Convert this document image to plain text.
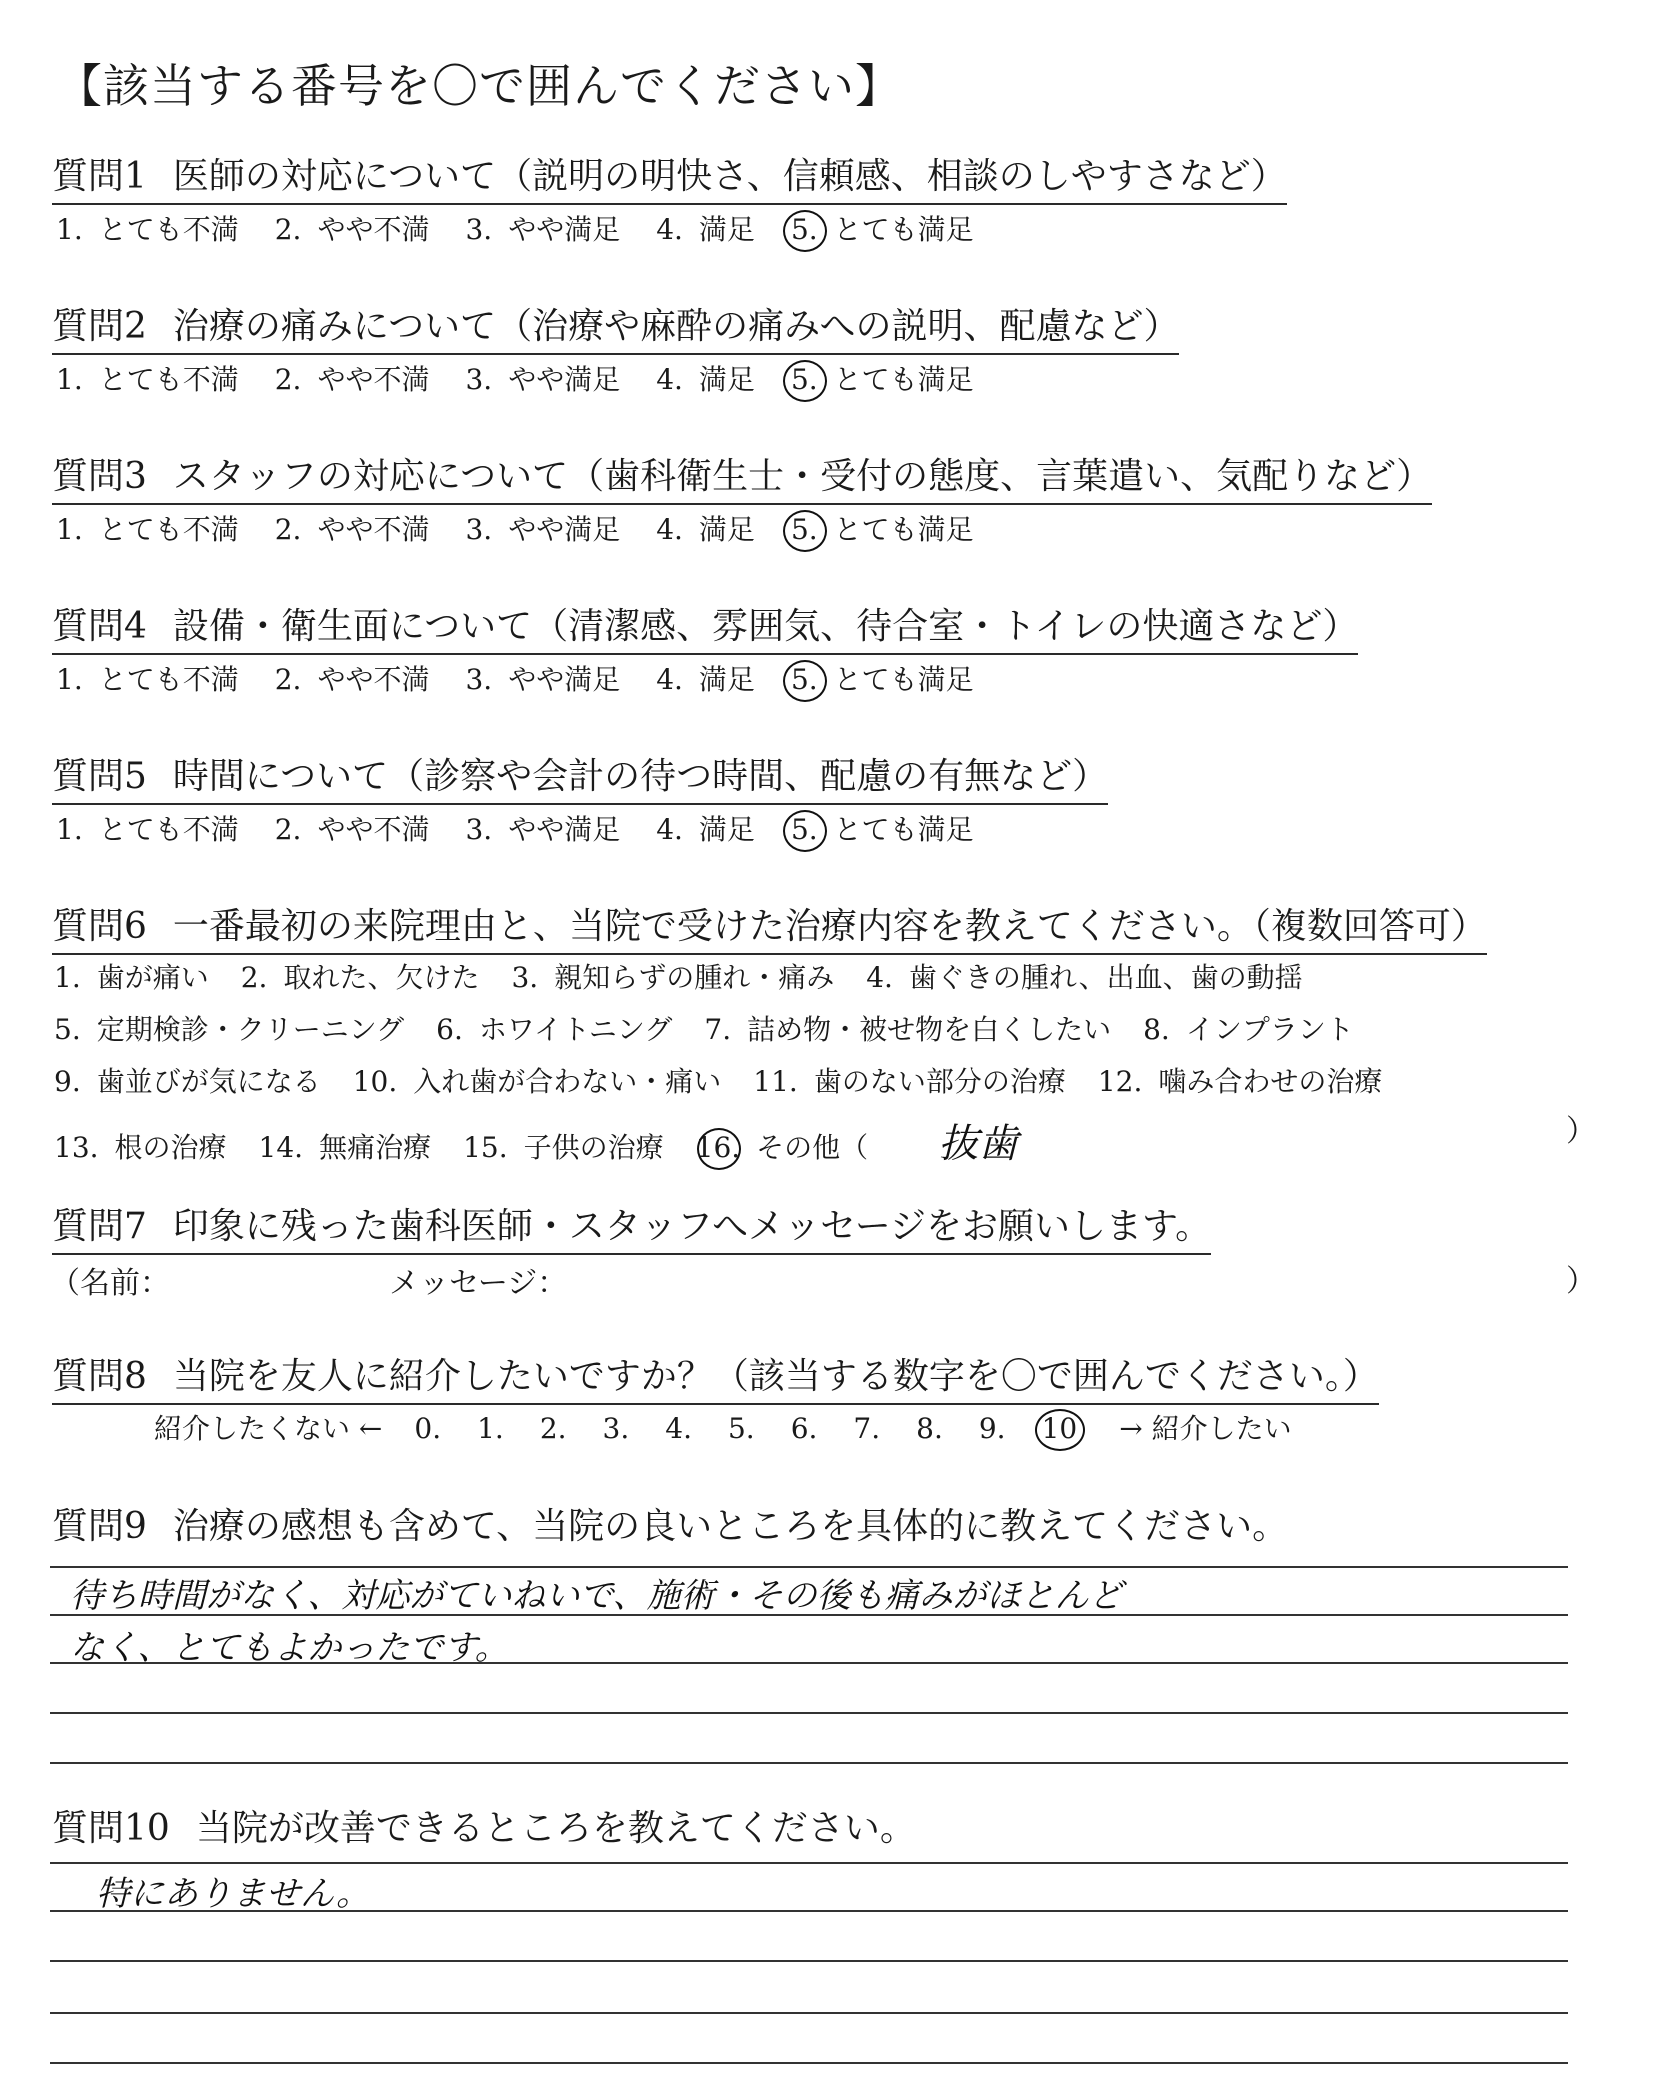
【該当する番号を〇で囲んでください】
質問1 医師の対応について（説明の明快さ、信頼感、相談のしやすさなど）
1. とても不満 2. やや不満 3. やや満足 4. 満足 5. とても満足
質問2 治療の痛みについて（治療や麻酔の痛みへの説明、配慮など）
1. とても不満 2. やや不満 3. やや満足 4. 満足 5. とても満足
質問3 スタッフの対応について（歯科衛生士・受付の態度、言葉遣い、気配りなど）
1. とても不満 2. やや不満 3. やや満足 4. 満足 5. とても満足
質問4 設備・衛生面について（清潔感、雰囲気、待合室・トイレの快適さなど）
1. とても不満 2. やや不満 3. やや満足 4. 満足 5. とても満足
質問5 時間について（診察や会計の待つ時間、配慮の有無など）
1. とても不満 2. やや不満 3. やや満足 4. 満足 5. とても満足
質問6 一番最初の来院理由と、当院で受けた治療内容を教えてください。（複数回答可）
1. 歯が痛い 2. 取れた、欠けた 3. 親知らずの腫れ・痛み 4. 歯ぐきの腫れ、出血、歯の動揺
5. 定期検診・クリーニング 6. ホワイトニング 7. 詰め物・被せ物を白くしたい 8. インプラント
9. 歯並びが気になる 10. 入れ歯が合わない・痛い 11. 歯のない部分の治療 12. 噛み合わせの治療
13. 根の治療 14. 無痛治療 15. 子供の治療 16. その他（ 抜歯	）
質問7 印象に残った歯科医師・スタッフへメッセージをお願いします。
（名前：	メッセージ：	）
質問8 当院を友人に紹介したいですか？（該当する数字を〇で囲んでください。）
紹介したくない ← 0. 1. 2. 3. 4. 5. 6. 7. 8. 9. 10 → 紹介したい
質問9 治療の感想も含めて、当院の良いところを具体的に教えてください。
待ち時間がなく、対応がていねいで、施術・その後も痛みがほとんど
なく、とてもよかったです。
質問10 当院が改善できるところを教えてください。
特にありません。
